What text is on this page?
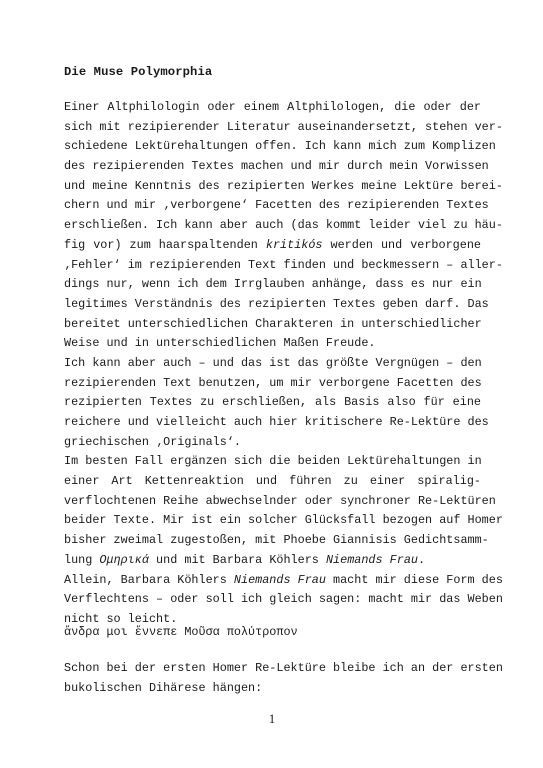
Die Muse Polymorphia
Einer Altphilologin oder einem Altphilologen, die oder der
sich mit rezipierender Literatur auseinandersetzt, stehen ver-
schiedene Lektürehaltungen offen. Ich kann mich zum Komplizen
des rezipierenden Textes machen und mir durch mein Vorwissen
und meine Kenntnis des rezipierten Werkes meine Lektüre berei-
chern und mir ‚verborgene‘ Facetten des rezipierenden Textes
erschließen. Ich kann aber auch (das kommt leider viel zu häu-
fig vor) zum haarspaltenden kritikós werden und verborgene
‚Fehler‘ im rezipierenden Text finden und beckmessern – aller-
dings nur, wenn ich dem Irrglauben anhänge, dass es nur ein
legitimes Verständnis des rezipierten Textes geben darf. Das
bereitet unterschiedlichen Charakteren in unterschiedlicher
Weise und in unterschiedlichen Maßen Freude.
Ich kann aber auch – und das ist das größte Vergnügen – den
rezipierenden Text benutzen, um mir verborgene Facetten des
rezipierten Textes zu erschließen, als Basis also für eine
reichere und vielleicht auch hier kritischere Re-Lektüre des
griechischen ‚Originals‘.
Im besten Fall ergänzen sich die beiden Lektürehaltungen in
einer Art Kettenreaktion und führen zu einer spiralig-
verflochtenen Reihe abwechselnder oder synchroner Re-Lektüren
beider Texte. Mir ist ein solcher Glücksfall bezogen auf Homer
bisher zweimal zugestoßen, mit Phoebe Giannisis Gedichtsamm-
lung Ομηρικά und mit Barbara Köhlers Niemands Frau.
Allein, Barbara Köhlers Niemands Frau macht mir diese Form des
Verflechtens – oder soll ich gleich sagen: macht mir das Weben
nicht so leicht.
ἄνδρα μοι ἔννεπε Μοῦσα πολύτροπον
Schon bei der ersten Homer Re-Lektüre bleibe ich an der ersten
bukolischen Dihärese hängen:
1
